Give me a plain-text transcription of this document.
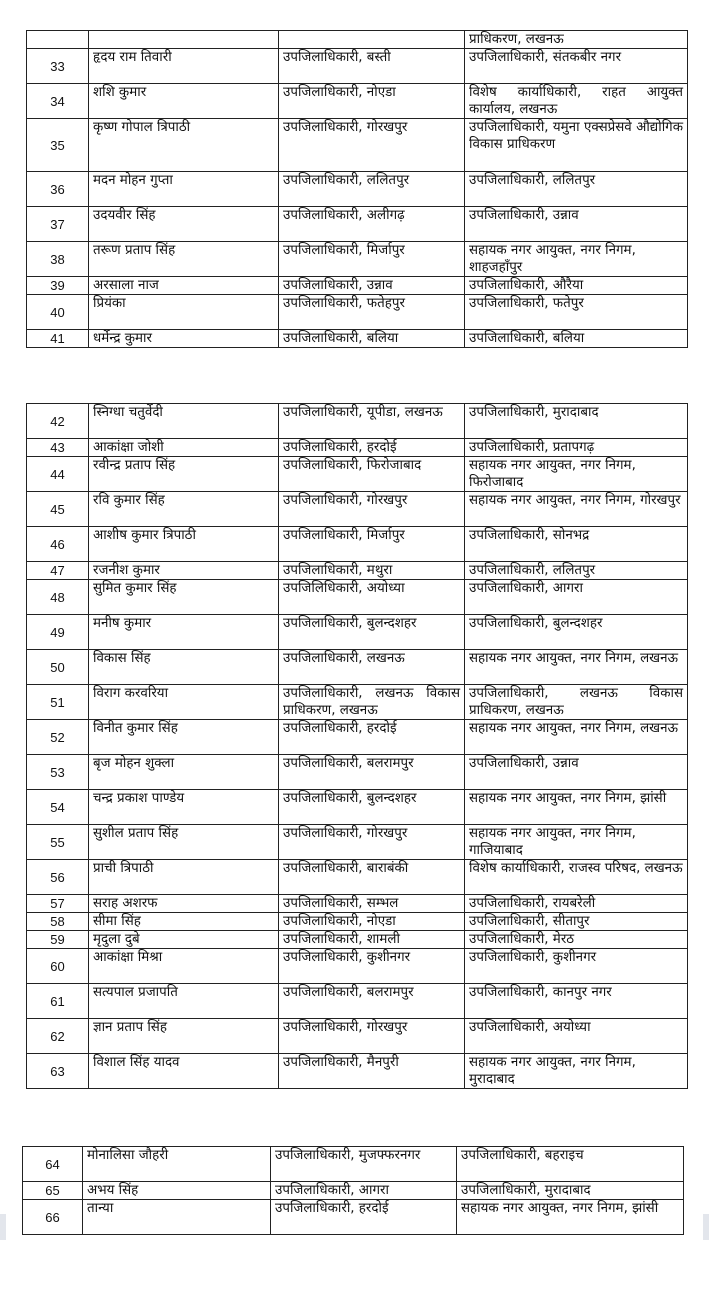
			प्राधिकरण, लखनऊ
33	हृदय राम तिवारी	उपजिलाधिकारी, बस्ती	उपजिलाधिकारी, संतकबीर नगर
34	शशि कुमार	उपजिलाधिकारी, नोएडा	विशेष कार्याधिकारी, राहत आयुक्त कार्यालय, लखनऊ
35	कृष्ण गोपाल त्रिपाठी	उपजिलाधिकारी, गोरखपुर	उपजिलाधिकारी, यमुना एक्सप्रेसवे औद्योगिक विकास प्राधिकरण
36	मदन मोहन गुप्ता	उपजिलाधिकारी, ललितपुर	उपजिलाधिकारी, ललितपुर
37	उदयवीर सिंह	उपजिलाधिकारी, अलीगढ़	उपजिलाधिकारी, उन्नाव
38	तरूण प्रताप सिंह	उपजिलाधिकारी, मिर्जापुर	सहायक नगर आयुक्त, नगर निगम, शाहजहाँपुर
39	अरसाला नाज	उपजिलाधिकारी, उन्नाव	उपजिलाधिकारी, औरैया
40	प्रियंका	उपजिलाधिकारी, फतेहपुर	उपजिलाधिकारी, फतेपुर
41	धर्मेन्द्र कुमार	उपजिलाधिकारी, बलिया	उपजिलाधिकारी, बलिया
42	स्निग्धा चतुर्वेदी	उपजिलाधिकारी, यूपीडा, लखनऊ	उपजिलाधिकारी, मुरादाबाद
43	आकांक्षा जोशी	उपजिलाधिकारी, हरदोई	उपजिलाधिकारी, प्रतापगढ़
44	रवीन्द्र प्रताप सिंह	उपजिलाधिकारी, फिरोजाबाद	सहायक नगर आयुक्त, नगर निगम, फिरोजाबाद
45	रवि कुमार सिंह	उपजिलाधिकारी, गोरखपुर	सहायक नगर आयुक्त, नगर निगम, गोरखपुर
46	आशीष कुमार त्रिपाठी	उपजिलाधिकारी, मिर्जापुर	उपजिलाधिकारी, सोनभद्र
47	रजनीश कुमार	उपजिलाधिकारी, मथुरा	उपजिलाधिकारी, ललितपुर
48	सुमित कुमार सिंह	उपजिलिधिकारी, अयोध्या	उपजिलाधिकारी, आगरा
49	मनीष कुमार	उपजिलाधिकारी, बुलन्दशहर	उपजिलाधिकारी, बुलन्दशहर
50	विकास सिंह	उपजिलाधिकारी, लखनऊ	सहायक नगर आयुक्त, नगर निगम, लखनऊ
51	विराग करवरिया	उपजिलाधिकारी, लखनऊ विकास प्राधिकरण, लखनऊ	उपजिलाधिकारी, लखनऊ विकास प्राधिकरण, लखनऊ
52	विनीत कुमार सिंह	उपजिलाधिकारी, हरदोई	सहायक नगर आयुक्त, नगर निगम, लखनऊ
53	बृज मोहन शुक्ला	उपजिलाधिकारी, बलरामपुर	उपजिलाधिकारी, उन्नाव
54	चन्द्र प्रकाश पाण्डेय	उपजिलाधिकारी, बुलन्दशहर	सहायक नगर आयुक्त, नगर निगम, झांसी
55	सुशील प्रताप सिंह	उपजिलाधिकारी, गोरखपुर	सहायक नगर आयुक्त, नगर निगम, गाजियाबाद
56	प्राची त्रिपाठी	उपजिलाधिकारी, बाराबंकी	विशेष कार्याधिकारी, राजस्व परिषद, लखनऊ
57	सराह अशरफ	उपजिलाधिकारी, सम्भल	उपजिलाधिकारी, रायबरेली
58	सीमा सिंह	उपजिलाधिकारी, नोएडा	उपजिलाधिकारी, सीतापुर
59	मृदुला दुबे	उपजिलाधिकारी, शामली	उपजिलाधिकारी, मेरठ
60	आकांक्षा मिश्रा	उपजिलाधिकारी, कुशीनगर	उपजिलाधिकारी, कुशीनगर
61	सत्यपाल प्रजापति	उपजिलाधिकारी, बलरामपुर	उपजिलाधिकारी, कानपुर नगर
62	ज्ञान प्रताप सिंह	उपजिलाधिकारी, गोरखपुर	उपजिलाधिकारी, अयोध्या
63	विशाल सिंह यादव	उपजिलाधिकारी, मैनपुरी	सहायक नगर आयुक्त, नगर निगम, मुरादाबाद
64	मोनालिसा जौहरी	उपजिलाधिकारी, मुजफ्फरनगर	उपजिलाधिकारी, बहराइच
65	अभय सिंह	उपजिलाधिकारी, आगरा	उपजिलाधिकारी, मुरादाबाद
66	तान्या	उपजिलाधिकारी, हरदोई	सहायक नगर आयुक्त, नगर निगम, झांसी
